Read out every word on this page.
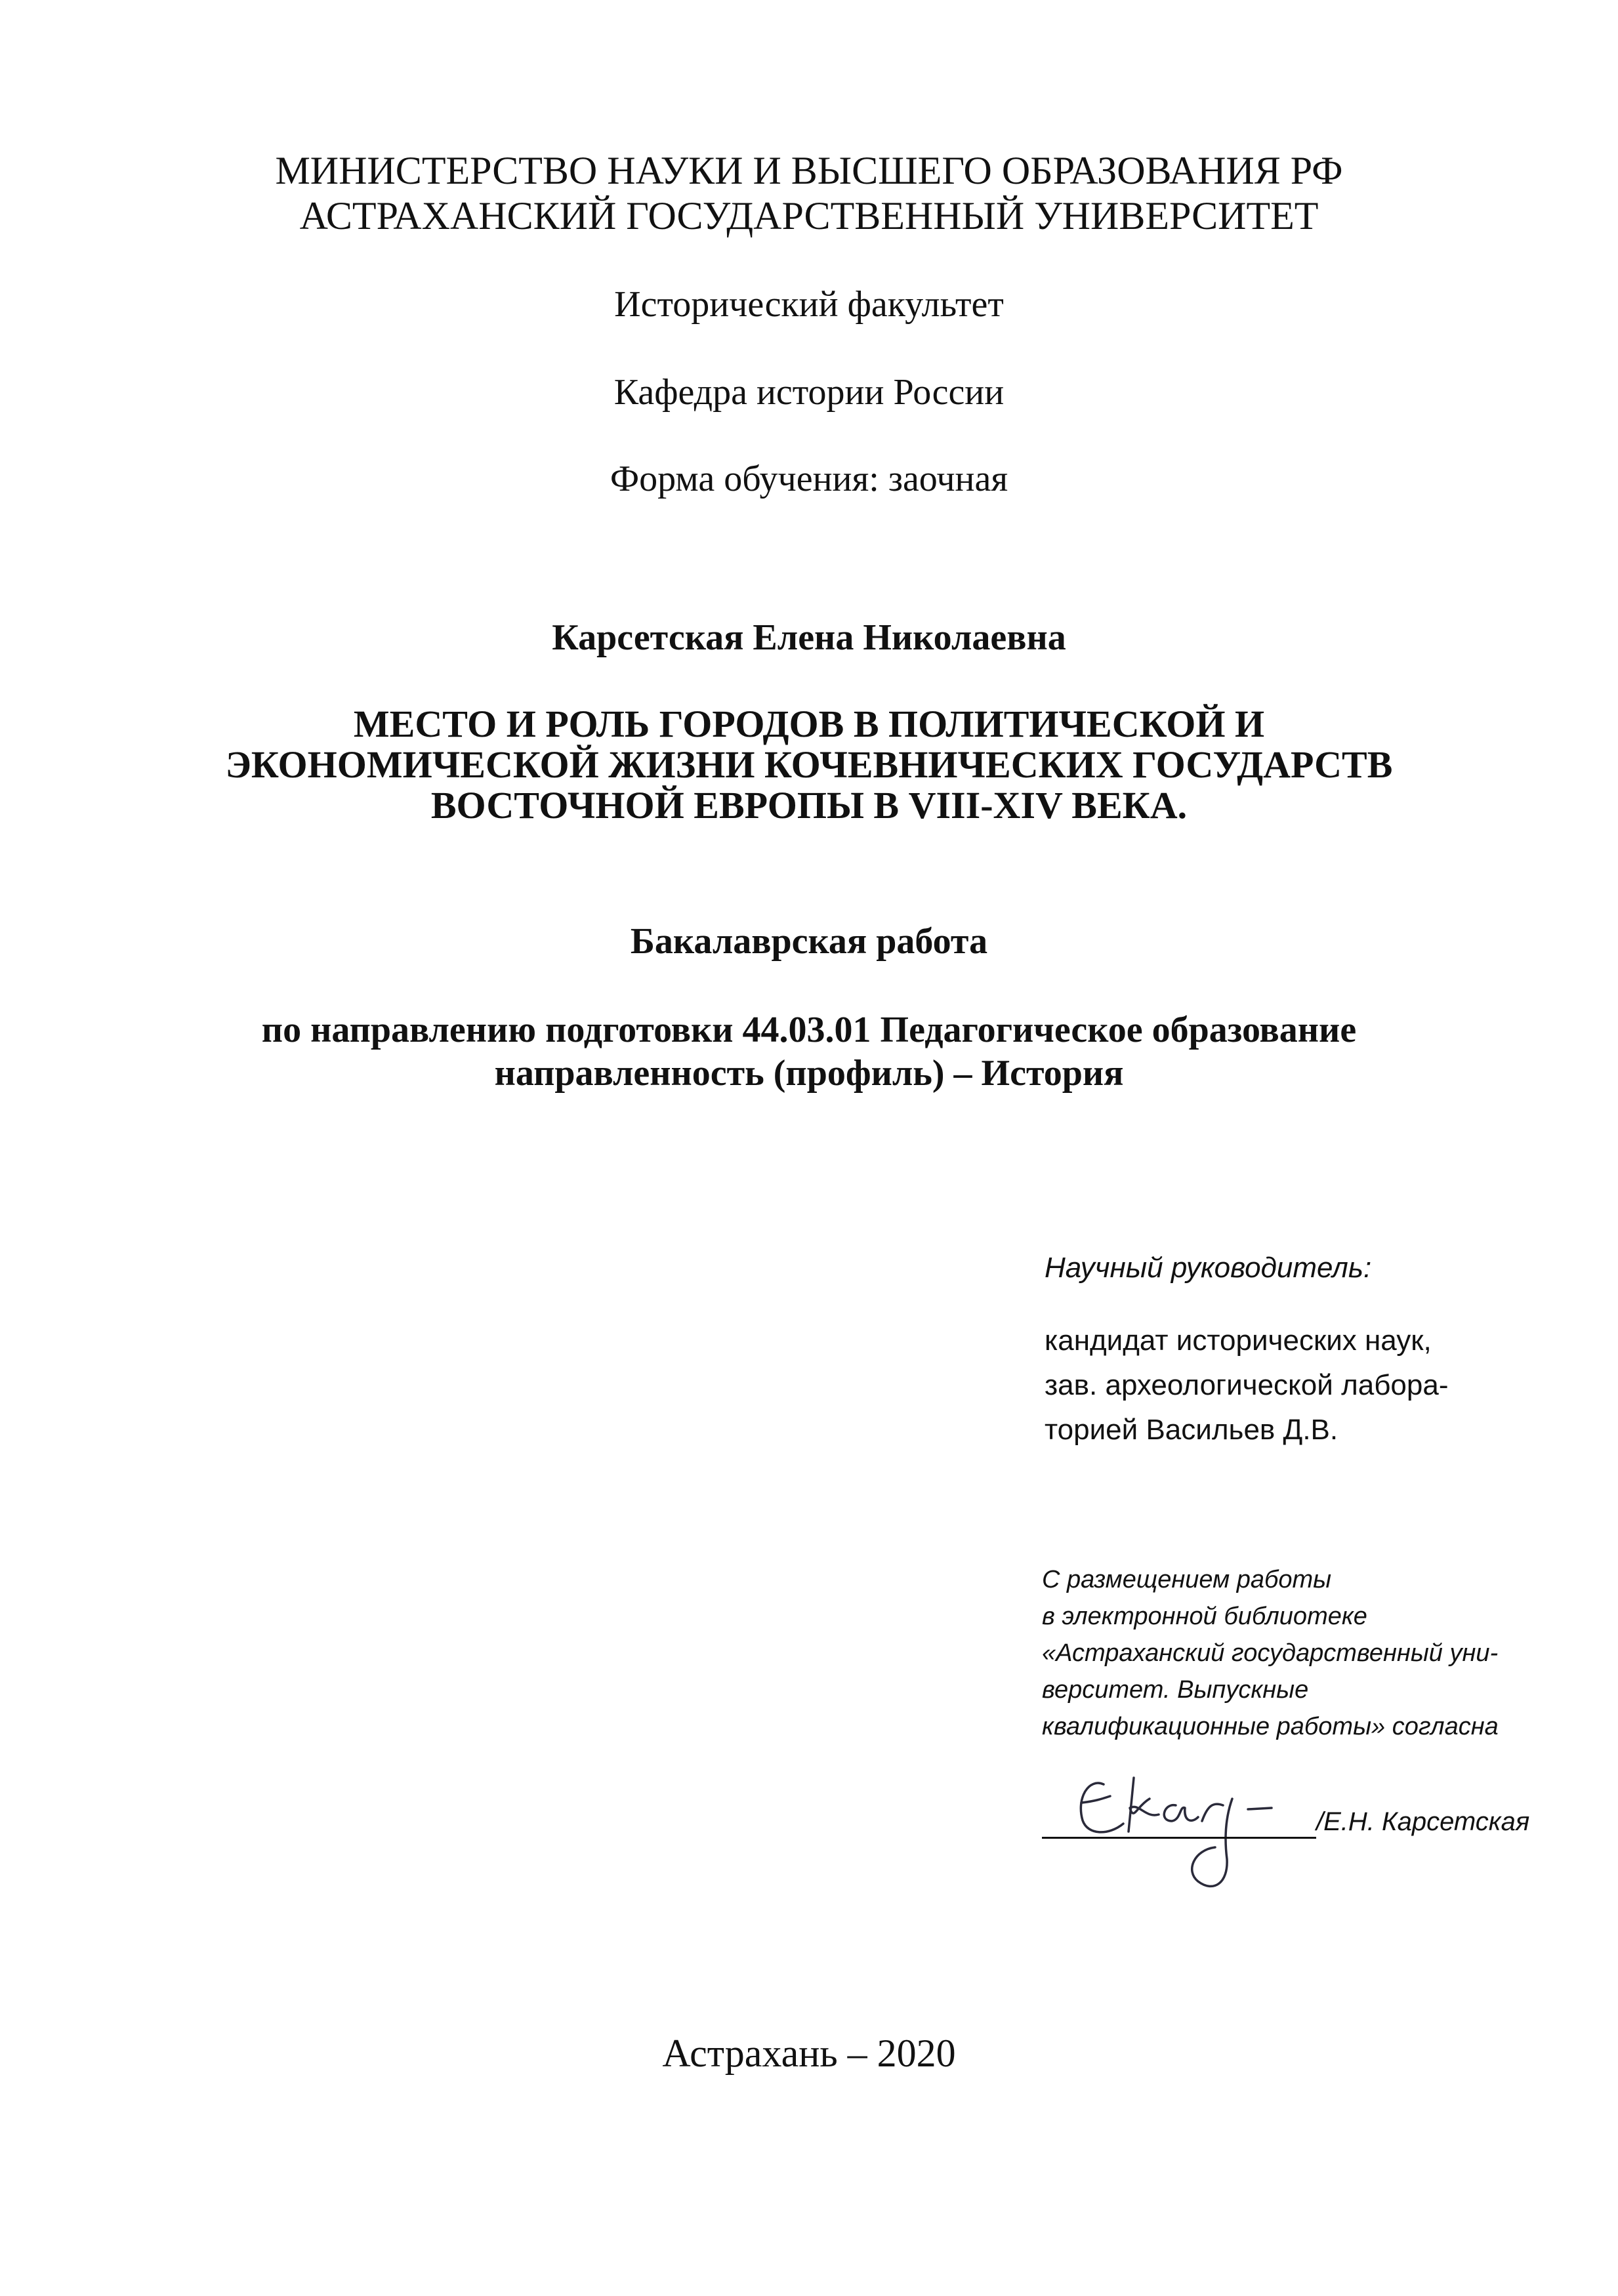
МИНИСТЕРСТВО НАУКИ И ВЫСШЕГО ОБРАЗОВАНИЯ РФ
АСТРАХАНСКИЙ ГОСУДАРСТВЕННЫЙ УНИВЕРСИТЕТ

Исторический факультет

Кафедра истории России

Форма обучения: заочная

Карсетская Елена Николаевна

МЕСТО И РОЛЬ ГОРОДОВ В ПОЛИТИЧЕСКОЙ И
ЭКОНОМИЧЕСКОЙ ЖИЗНИ КОЧЕВНИЧЕСКИХ ГОСУДАРСТВ
ВОСТОЧНОЙ ЕВРОПЫ В VIII-XIV ВЕКА.

Бакалаврская работа

по направлению подготовки 44.03.01 Педагогическое образование
направленность (профиль) – История

Научный руководитель:

кандидат исторических наук,
зав. археологической лабора-
торией Васильев Д.В.

С размещением работы
в электронной библиотеке
«Астраханский государственный уни-
верситет. Выпускные
квалификационные работы» согласна

/Е.Н. Карсетская

Астрахань – 2020
